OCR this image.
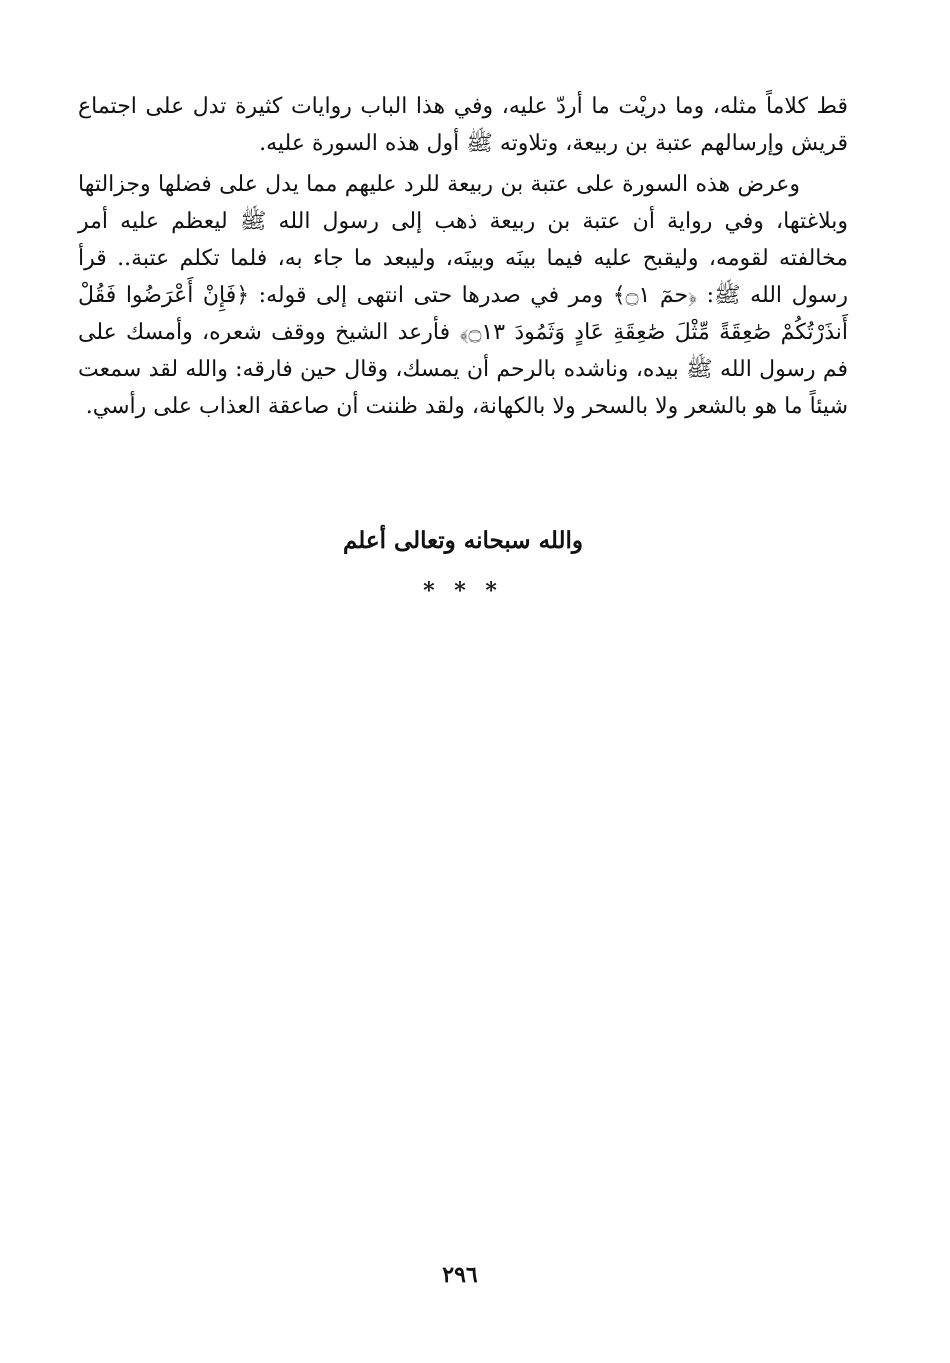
قط كلاماً مثله، وما دريْت ما أردّ عليه، وفي هذا الباب روايات كثيرة تدل على اجتماع قريش وإرسالهم عتبة بن ربيعة، وتلاوته ﷺ أول هذه السورة عليه.

وعرض هذه السورة على عتبة بن ربيعة للرد عليهم مما يدل على فضلها وجزالتها وبلاغتها، وفي رواية أن عتبة بن ربيعة ذهب إلى رسول الله ﷺ ليعظم عليه أمر مخالفته لقومه، وليقبح عليه فيما بينَه وبينَه، وليبعد ما جاء به، فلما تكلم عتبة.. قرأ رسول الله ﷺ: ﴿حمٓ ۝١﴾ ومر في صدرها حتى انتهى إلى قوله: ﴿فَإِنْ أَعْرَضُوا فَقُلْ أَنذَرْتُكُمْ صَٰعِقَةً مِّثْلَ صَٰعِقَةِ عَادٍ وَثَمُودَ ۝١٣﴾ فأرعد الشيخ ووقف شعره، وأمسك على فم رسول الله ﷺ بيده، وناشده بالرحم أن يمسك، وقال حين فارقه: والله لقد سمعت شيئاً ما هو بالشعر ولا بالسحر ولا بالكهانة، ولقد ظننت أن صاعقة العذاب على رأسي.

والله سبحانه وتعالى أعلم
* * *
٢٩٦
